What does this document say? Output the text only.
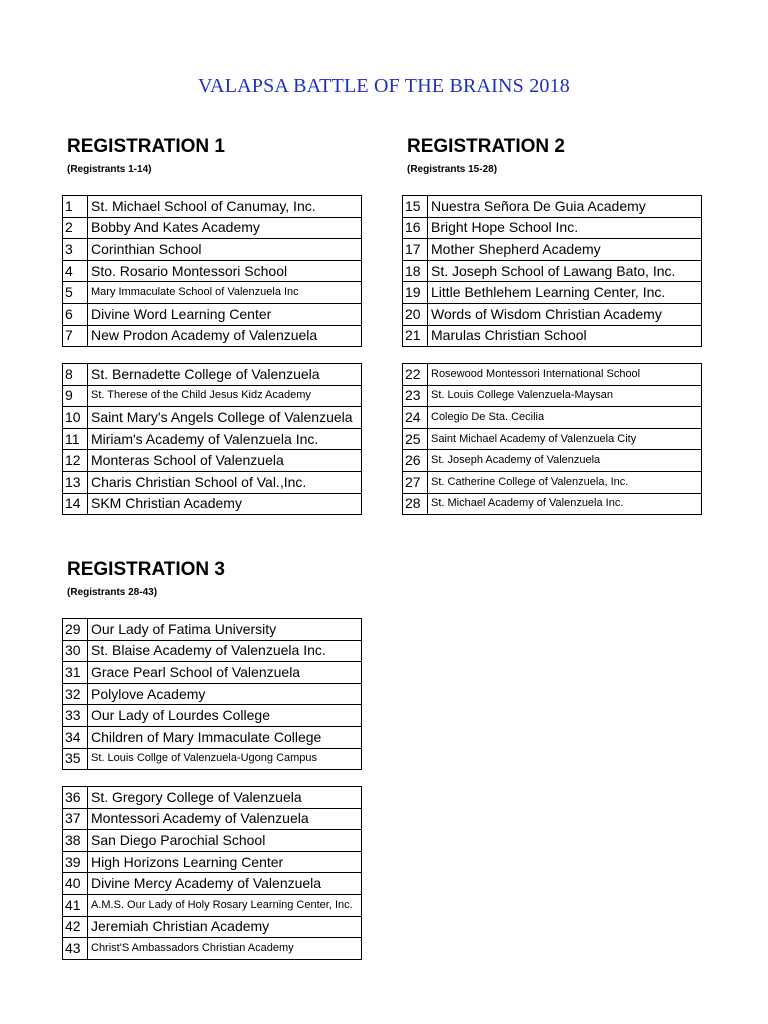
VALAPSA BATTLE OF THE BRAINS 2018
REGISTRATION 1
(Registrants 1-14)
1	St. Michael School of Canumay, Inc.
2	Bobby And Kates Academy
3	Corinthian School
4	Sto. Rosario Montessori School
5	Mary Immaculate School of Valenzuela Inc
6	Divine Word Learning Center
7	New Prodon Academy of Valenzuela
8	St. Bernadette College of Valenzuela
9	St. Therese of the Child Jesus Kidz Academy
10	Saint Mary's Angels College of Valenzuela
11	Miriam's Academy of Valenzuela Inc.
12	Monteras School of Valenzuela
13	Charis Christian School of Val.,Inc.
14	SKM Christian Academy
REGISTRATION 2
(Registrants 15-28)
15	Nuestra Señora De Guia Academy
16	Bright Hope School Inc.
17	Mother Shepherd Academy
18	St. Joseph School of Lawang Bato, Inc.
19	Little Bethlehem Learning Center, Inc.
20	Words of Wisdom Christian Academy
21	Marulas Christian School
22	Rosewood Montessori International School
23	St. Louis College Valenzuela-Maysan
24	Colegio De Sta. Cecilia
25	Saint Michael Academy of Valenzuela City
26	St. Joseph Academy of Valenzuela
27	St. Catherine College of Valenzuela, Inc.
28	St. Michael Academy of Valenzuela Inc.
REGISTRATION 3
(Registrants 28-43)
29	Our Lady of Fatima University
30	St. Blaise Academy of Valenzuela Inc.
31	Grace Pearl School of Valenzuela
32	Polylove Academy
33	Our Lady of Lourdes College
34	Children of Mary Immaculate College
35	St. Louis Collge of Valenzuela-Ugong Campus
36	St. Gregory College of Valenzuela
37	Montessori Academy of Valenzuela
38	San Diego Parochial School
39	High Horizons Learning Center
40	Divine Mercy Academy of Valenzuela
41	A.M.S. Our Lady of Holy Rosary Learning Center, Inc.
42	Jeremiah Christian Academy
43	Christ'S Ambassadors Christian Academy
